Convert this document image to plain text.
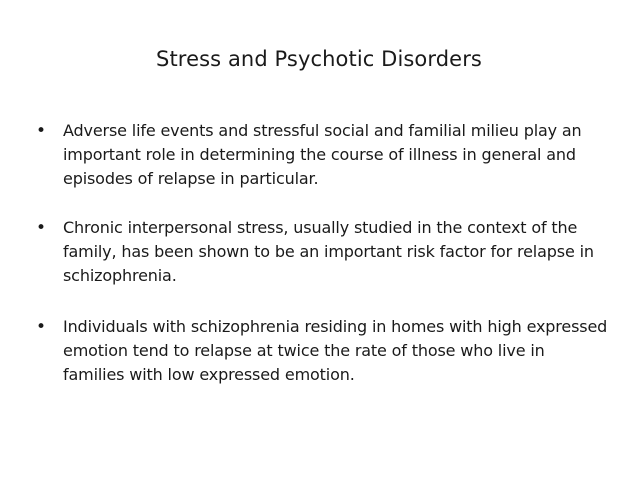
Stress and Psychotic Disorders
• Adverse life events and stressful social and familial milieu play an important role in determining the course of illness in general and episodes of relapse in particular.
• Chronic interpersonal stress, usually studied in the context of the family, has been shown to be an important risk factor for relapse in schizophrenia.
• Individuals with schizophrenia residing in homes with high expressed emotion tend to relapse at twice the rate of those who live in families with low expressed emotion.
